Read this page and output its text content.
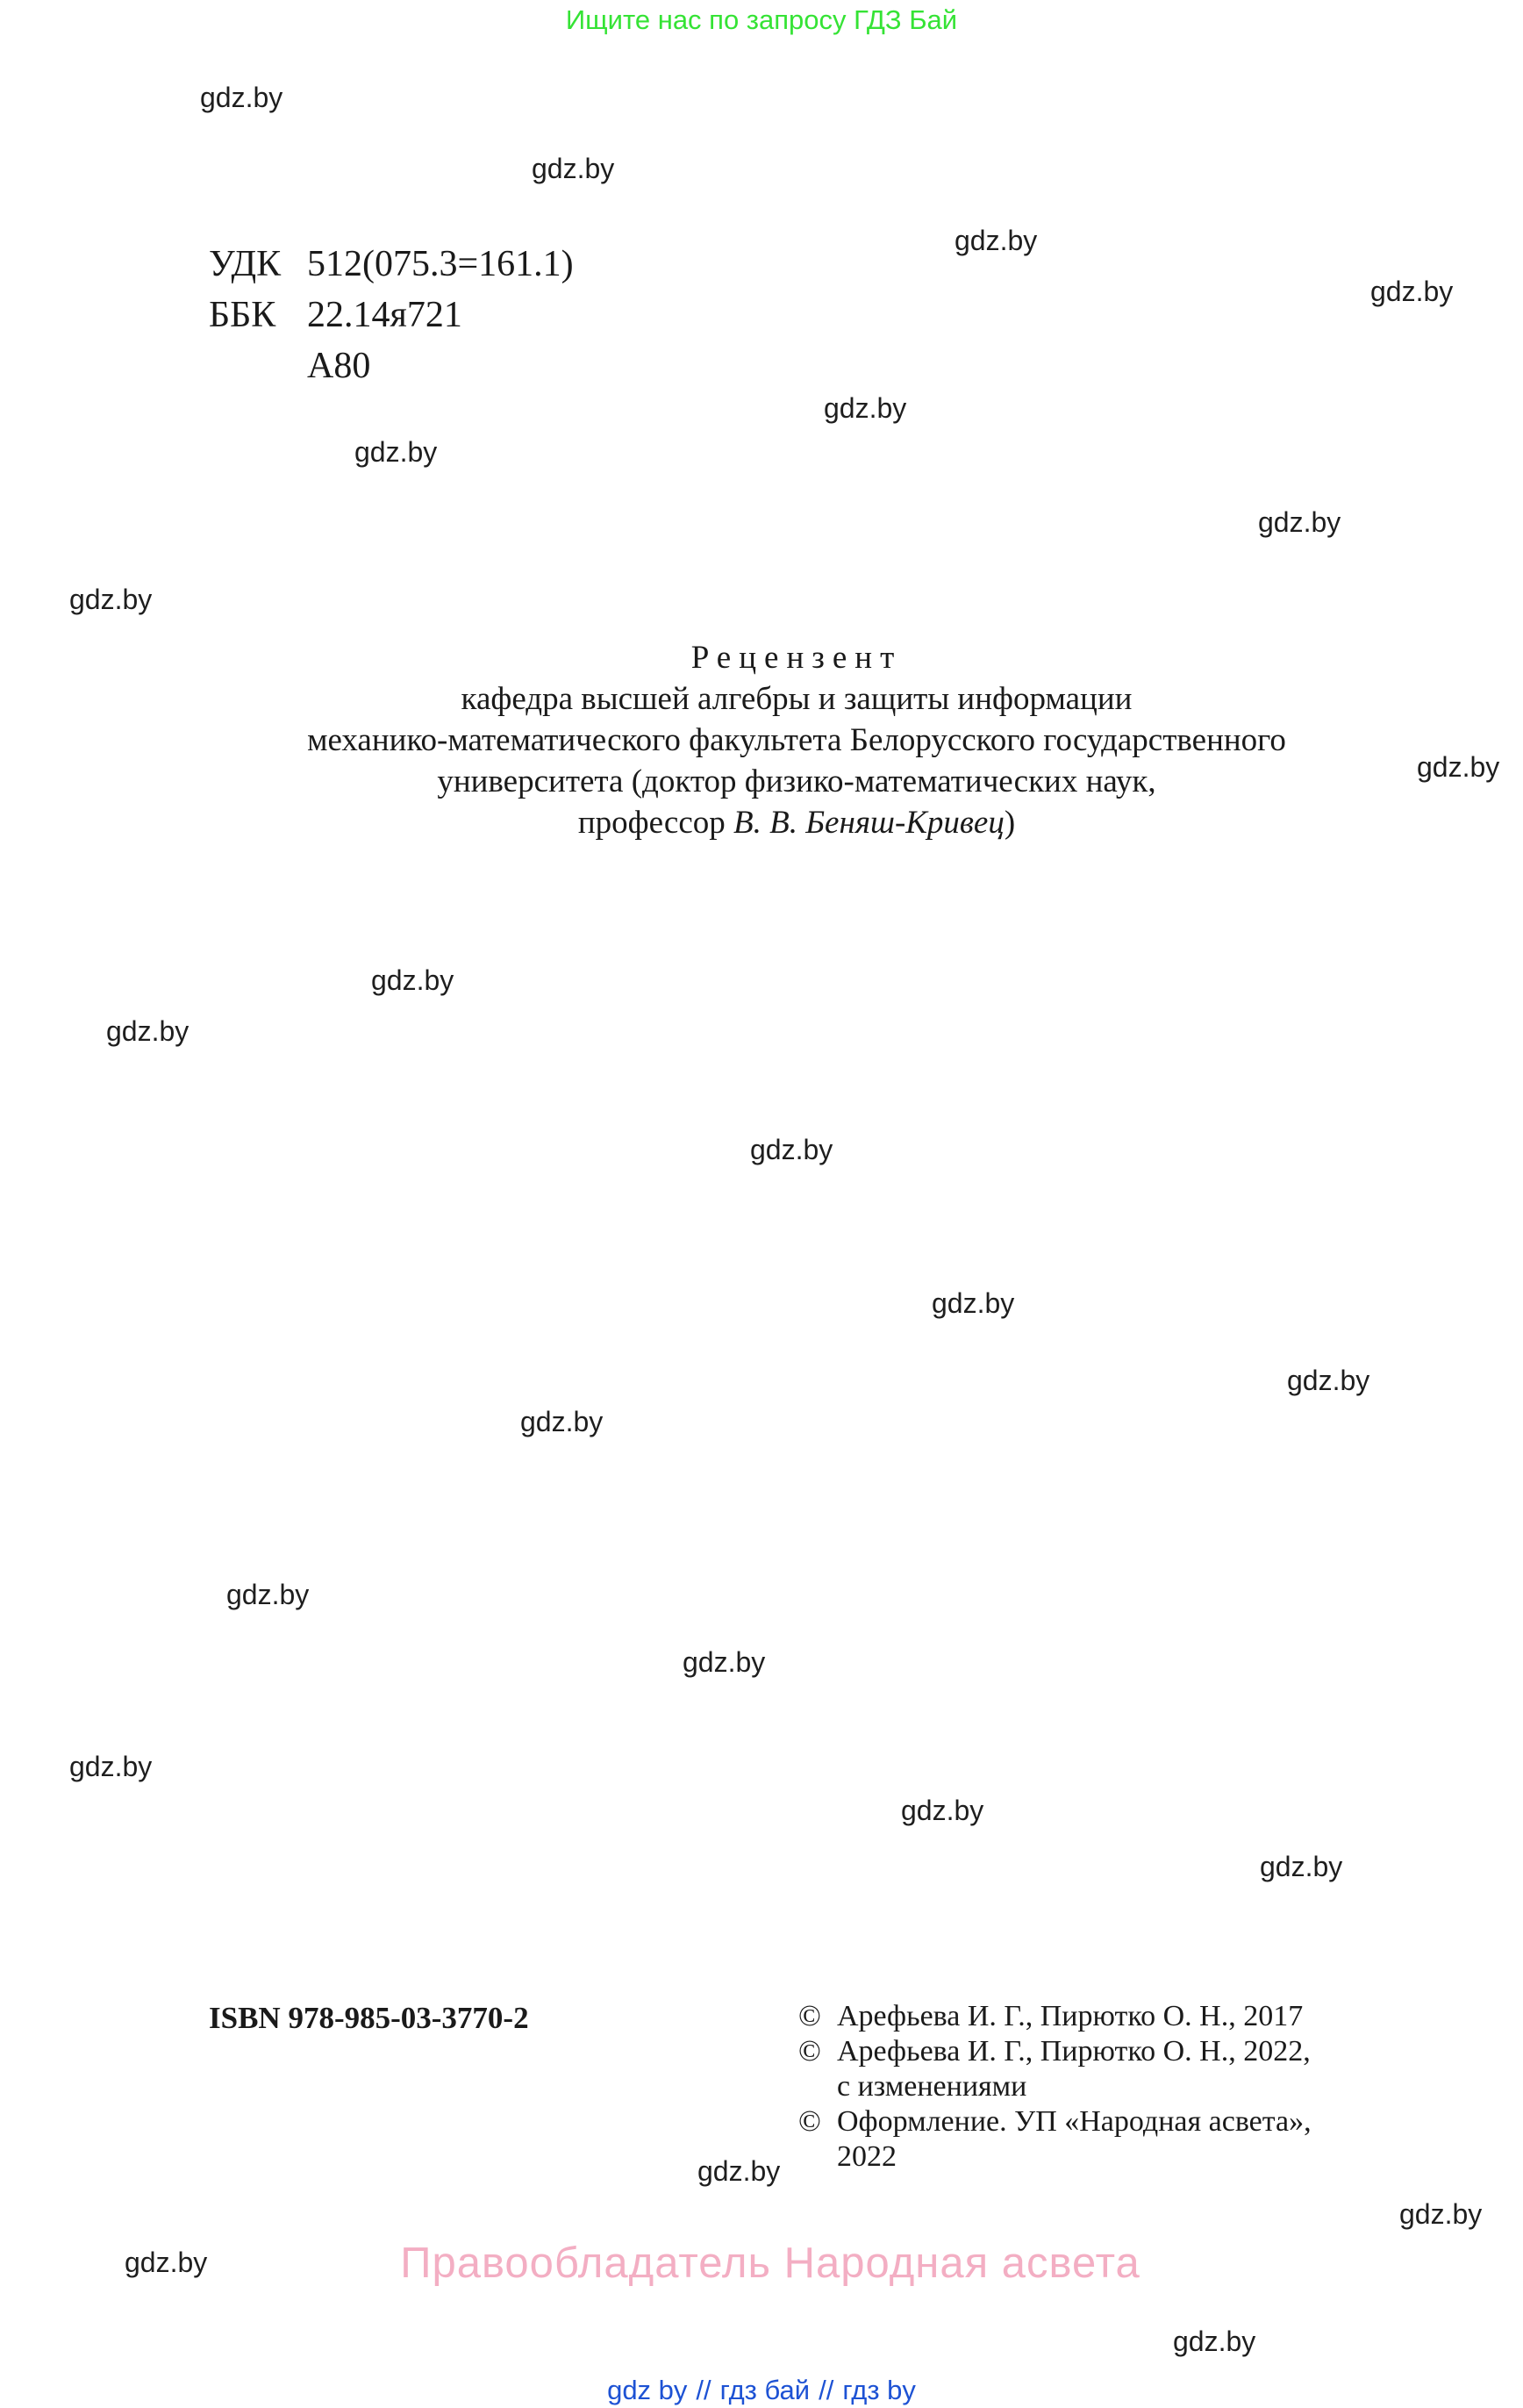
Ищите нас по запросу ГДЗ Бай
gdz.by
gdz.by
gdz.by
gdz.by
gdz.by
gdz.by
gdz.by
gdz.by
gdz.by
gdz.by
gdz.by
gdz.by
gdz.by
gdz.by
gdz.by
gdz.by
gdz.by
gdz.by
gdz.by
gdz.by
gdz.by
gdz.by
gdz.by
gdz.by
УДК 512(075.3=161.1)
ББК 22.14я721
А80
Рецензент
кафедра высшей алгебры и защиты информации
механико-математического факультета Белорусского государственного
университета (доктор физико-математических наук,
профессор В. В. Беняш-Кривец)
ISBN 978-985-03-3770-2	© Арефьева И. Г., Пирютко О. Н., 2017
© Арефьева И. Г., Пирютко О. Н., 2022,
с изменениями
© Оформление. УП «Народная асвета»,
2022
Правообладатель Народная асвета
gdz by // гдз бай // гдз by
